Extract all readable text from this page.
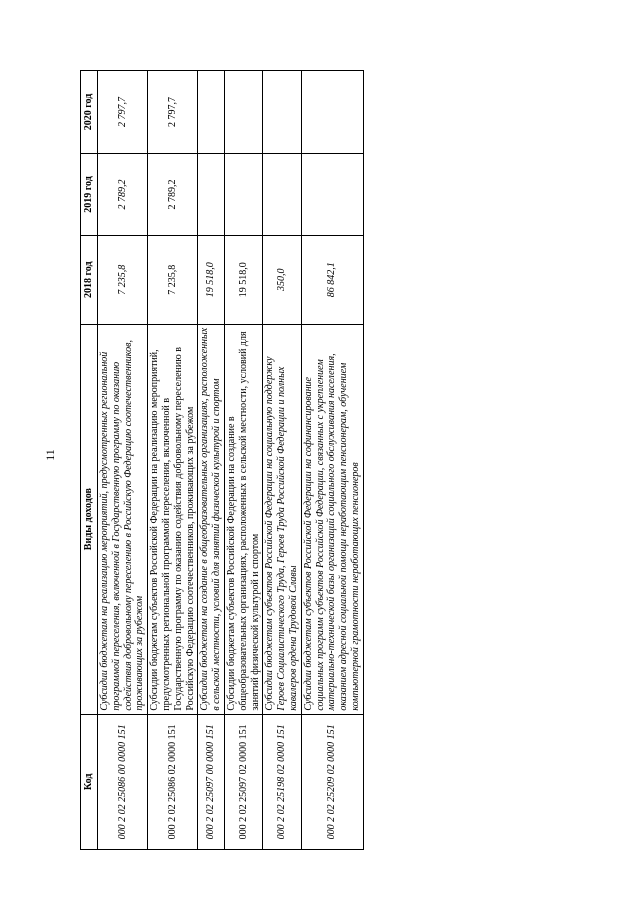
11
Код	Виды доходов	2018 год	2019 год	2020 год
000 2 02 25086 00 0000 151	Субсидии бюджетам на реализацию мероприятий, предусмотренных региональной программой переселения, включенной в Государственную программу по оказанию содействия добровольному переселению в Российскую Федерацию соотечественников, проживающих за рубежом	7 235,8	2 789,2	2 797,7
000 2 02 25086 02 0000 151	Субсидии бюджетам субъектов Российской Федерации на реализацию мероприятий, предусмотренных региональной программой переселения, включенной в Государственную программу по оказанию содействия добровольному переселению в Российскую Федерацию соотечественников, проживающих за рубежом	7 235,8	2 789,2	2 797,7
000 2 02 25097 00 0000 151	Субсидии бюджетам на создание в общеобразовательных организациях, расположенных в сельской местности, условий для занятий физической культурой и спортом	19 518,0		
000 2 02 25097 02 0000 151	Субсидии бюджетам субъектов Российской Федерации на создание в общеобразовательных организациях, расположенных в сельской местности, условий для занятий физической культурой и спортом	19 518,0		
000 2 02 25198 02 0000 151	Субсидии бюджетам субъектов Российской Федерации на социальную поддержку Героев Социалистического Труда, Героев Труда Российской Федерации и полных кавалеров ордена Трудовой Славы	350,0		
000 2 02 25209 02 0000 151	Субсидии бюджетам субъектов Российской Федерации на софинансирование социальных программ субъектов Российской Федерации, связанных с укреплением материально-технической базы организаций социального обслуживания населения, оказанием адресной социальной помощи неработающим пенсионерам, обучением компьютерной грамотности неработающих пенсионеров	86 842,1		
